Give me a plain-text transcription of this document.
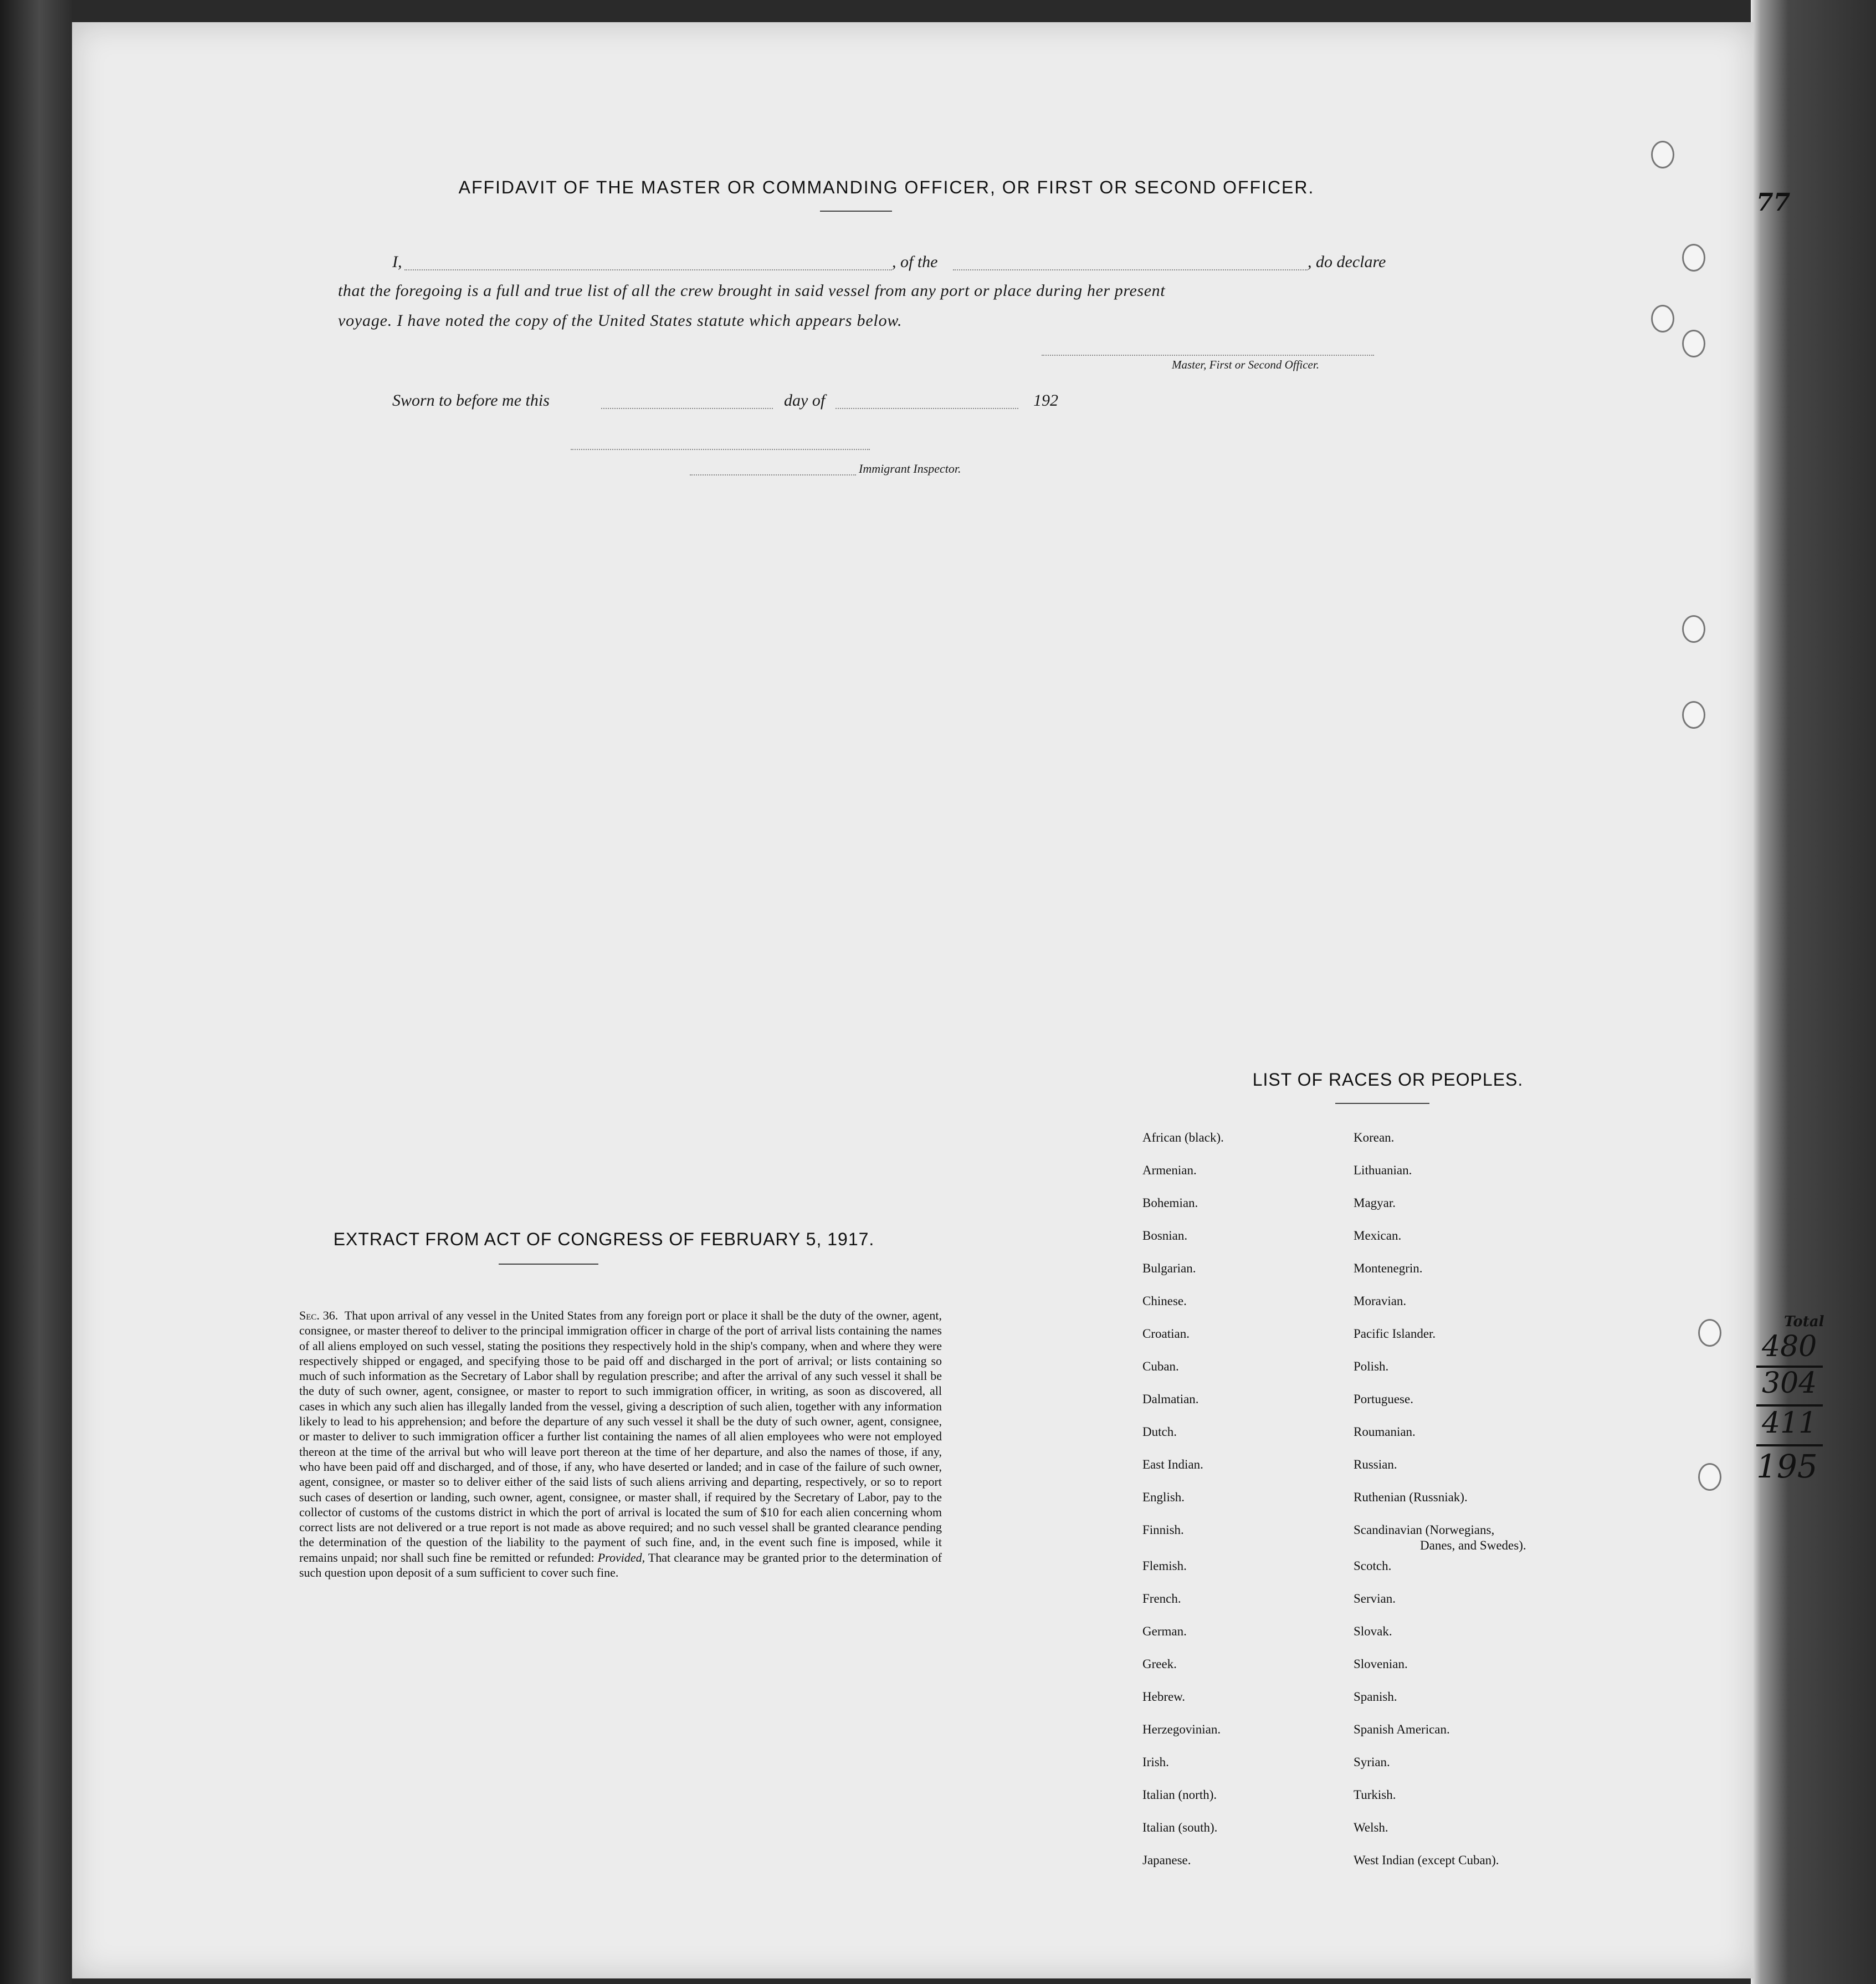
AFFIDAVIT OF THE MASTER OR COMMANDING OFFICER, OR FIRST OR SECOND OFFICER.
I,	, of the	, do declare
that the foregoing is a full and true list of all the crew brought in said vessel from any port or place during her present
voyage. I have noted the copy of the United States statute which appears below.
Master, First or Second Officer.
Sworn to before me this	day of	192
Immigrant Inspector.
EXTRACT FROM ACT OF CONGRESS OF FEBRUARY 5, 1917.
Sec. 36. That upon arrival of any vessel in the United States from any foreign port or place it shall be the duty of the owner, agent, consignee, or master thereof to deliver to the principal immigration officer in charge of the port of arrival lists containing the names of all aliens employed on such vessel, stating the positions they respectively hold in the ship's company, when and where they were respectively shipped or engaged, and specifying those to be paid off and discharged in the port of arrival; or lists containing so much of such information as the Secretary of Labor shall by regulation prescribe; and after the arrival of any such vessel it shall be the duty of such owner, agent, consignee, or master to report to such immigration officer, in writing, as soon as discovered, all cases in which any such alien has illegally landed from the vessel, giving a description of such alien, together with any information likely to lead to his apprehension; and before the departure of any such vessel it shall be the duty of such owner, agent, consignee, or master to deliver to such immigration officer a further list containing the names of all alien employees who were not employed thereon at the time of the arrival but who will leave port thereon at the time of her departure, and also the names of those, if any, who have been paid off and discharged, and of those, if any, who have deserted or landed; and in case of the failure of such owner, agent, consignee, or master so to deliver either of the said lists of such aliens arriving and departing, respectively, or so to report such cases of desertion or landing, such owner, agent, consignee, or master shall, if required by the Secretary of Labor, pay to the collector of customs of the customs district in which the port of arrival is located the sum of $10 for each alien concerning whom correct lists are not delivered or a true report is not made as above required; and no such vessel shall be granted clearance pending the determination of the question of the liability to the payment of such fine, and, in the event such fine is imposed, while it remains unpaid; nor shall such fine be remitted or refunded: Provided, That clearance may be granted prior to the determination of such question upon deposit of a sum sufficient to cover such fine.
LIST OF RACES OR PEOPLES.
African (black).
Armenian.
Bohemian.
Bosnian.
Bulgarian.
Chinese.
Croatian.
Cuban.
Dalmatian.
Dutch.
East Indian.
English.
Finnish.
Flemish.
French.
German.
Greek.
Hebrew.
Herzegovinian.
Irish.
Italian (north).
Italian (south).
Japanese.
Korean.
Lithuanian.
Magyar.
Mexican.
Montenegrin.
Moravian.
Pacific Islander.
Polish.
Portuguese.
Roumanian.
Russian.
Ruthenian (Russniak).
Scandinavian (Norwegians,
Danes, and Swedes).
Scotch.
Servian.
Slovak.
Slovenian.
Spanish.
Spanish American.
Syrian.
Turkish.
Welsh.
West Indian (except Cuban).
77
Total
480
304
411
195
